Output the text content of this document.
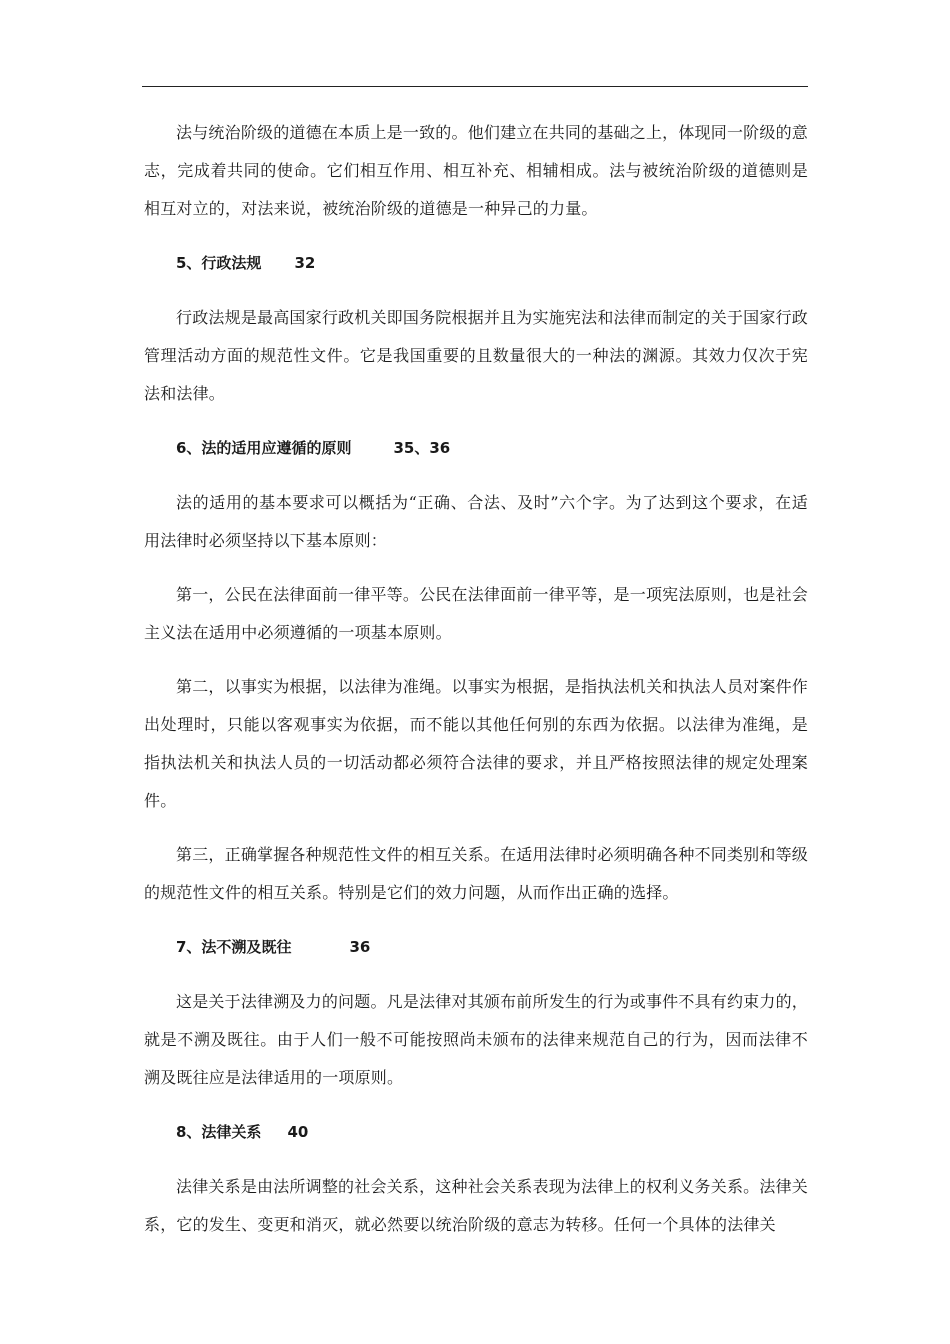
法与统治阶级的道德在本质上是一致的。他们建立在共同的基础之上，体现同一阶级的意志，完成着共同的使命。它们相互作用、相互补充、相辅相成。法与被统治阶级的道德则是相互对立的，对法来说，被统治阶级的道德是一种异己的力量。

5、行政法规 32

行政法规是最高国家行政机关即国务院根据并且为实施宪法和法律而制定的关于国家行政管理活动方面的规范性文件。它是我国重要的且数量很大的一种法的渊源。其效力仅次于宪法和法律。

6、法的适用应遵循的原则	35、36

法的适用的基本要求可以概括为“正确、合法、及时”六个字。为了达到这个要求，在适用法律时必须坚持以下基本原则：

第一，公民在法律面前一律平等。公民在法律面前一律平等，是一项宪法原则，也是社会主义法在适用中必须遵循的一项基本原则。

第二，以事实为根据，以法律为准绳。以事实为根据，是指执法机关和执法人员对案件作出处理时，只能以客观事实为依据，而不能以其他任何别的东西为依据。以法律为准绳，是指执法机关和执法人员的一切活动都必须符合法律的要求，并且严格按照法律的规定处理案件。

第三，正确掌握各种规范性文件的相互关系。在适用法律时必须明确各种不同类别和等级的规范性文件的相互关系。特别是它们的效力问题，从而作出正确的选择。

7、法不溯及既往	36

这是关于法律溯及力的问题。凡是法律对其颁布前所发生的行为或事件不具有约束力的，就是不溯及既往。由于人们一般不可能按照尚未颁布的法律来规范自己的行为，因而法律不溯及既往应是法律适用的一项原则。

8、法律关系 40

法律关系是由法所调整的社会关系，这种社会关系表现为法律上的权利义务关系。法律关系，它的发生、变更和消灭，就必然要以统治阶级的意志为转移。任何一个具体的法律关
